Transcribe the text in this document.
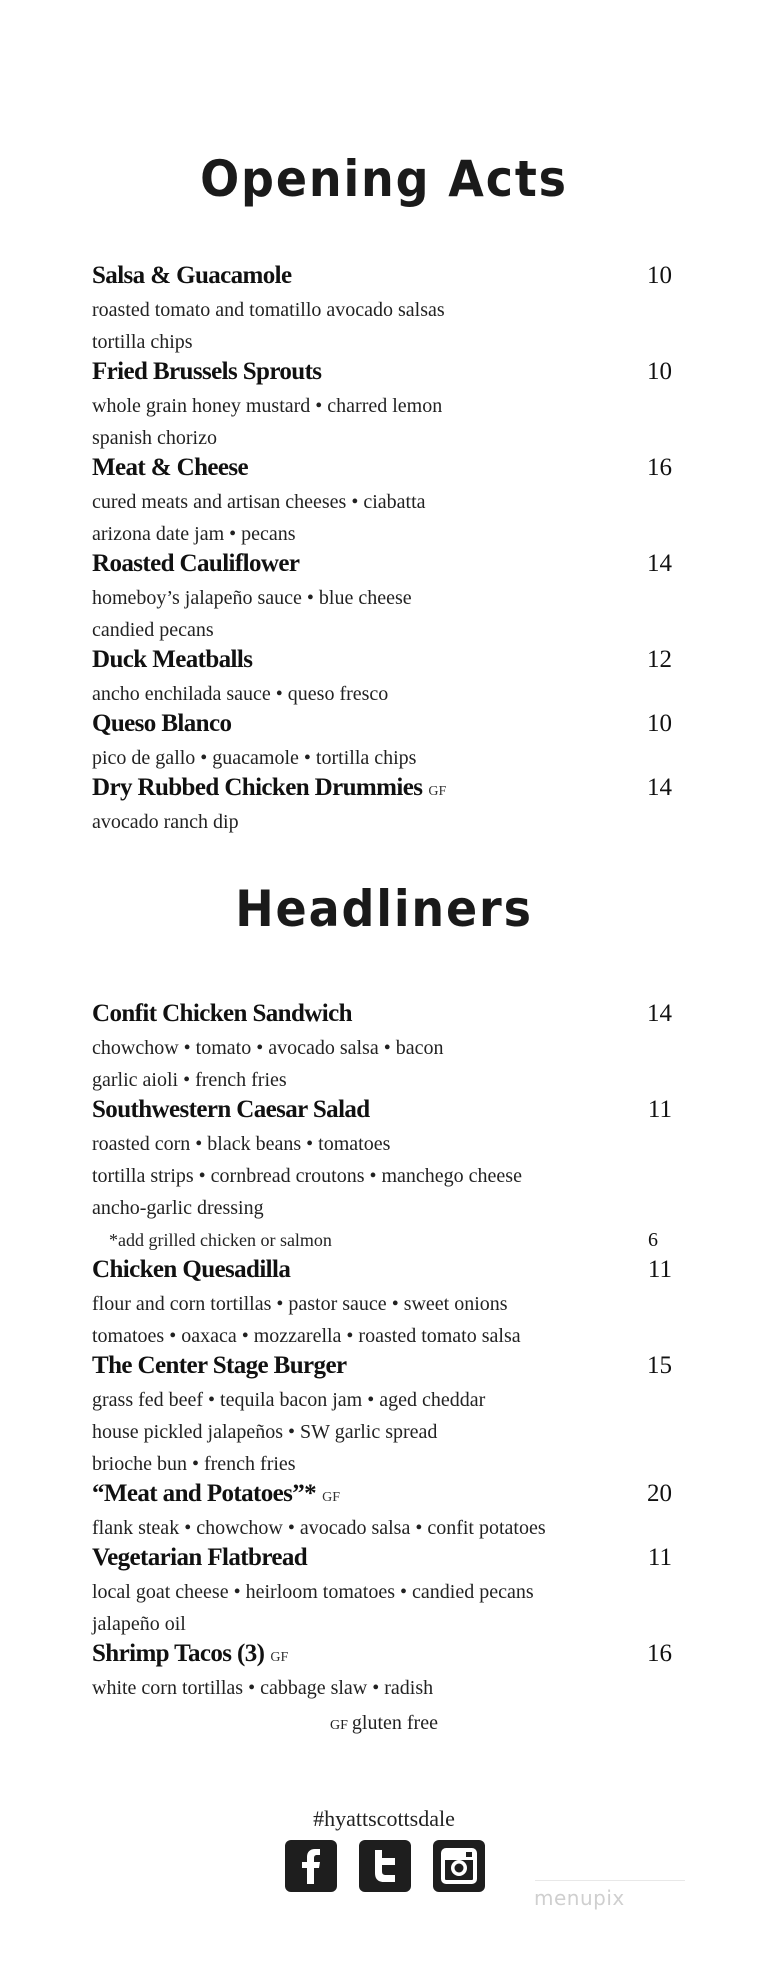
Opening Acts
Salsa & Guacamole	10
roasted tomato and tomatillo avocado salsas
tortilla chips
Fried Brussels Sprouts	10
whole grain honey mustard • charred lemon
spanish chorizo
Meat & Cheese	16
cured meats and artisan cheeses • ciabatta
arizona date jam • pecans
Roasted Cauliflower	14
homeboy’s jalapeño sauce • blue cheese
candied pecans
Duck Meatballs	12
ancho enchilada sauce • queso fresco
Queso Blanco	10
pico de gallo • guacamole • tortilla chips
Dry Rubbed Chicken Drummies GF	14
avocado ranch dip
Headliners
Confit Chicken Sandwich	14
chowchow • tomato • avocado salsa • bacon
garlic aioli • french fries
Southwestern Caesar Salad	11
roasted corn • black beans • tomatoes
tortilla strips • cornbread croutons • manchego cheese
ancho-garlic dressing
*add grilled chicken or salmon	6
Chicken Quesadilla	11
flour and corn tortillas • pastor sauce • sweet onions
tomatoes • oaxaca • mozzarella • roasted tomato salsa
The Center Stage Burger	15
grass fed beef • tequila bacon jam • aged cheddar
house pickled jalapeños • SW garlic spread
brioche bun • french fries
“Meat and Potatoes”* GF	20
flank steak • chowchow • avocado salsa • confit potatoes
Vegetarian Flatbread	11
local goat cheese • heirloom tomatoes • candied pecans
jalapeño oil
Shrimp Tacos (3) GF	16
white corn tortillas • cabbage slaw • radish
GF gluten free
#hyattscottsdale
menupix
